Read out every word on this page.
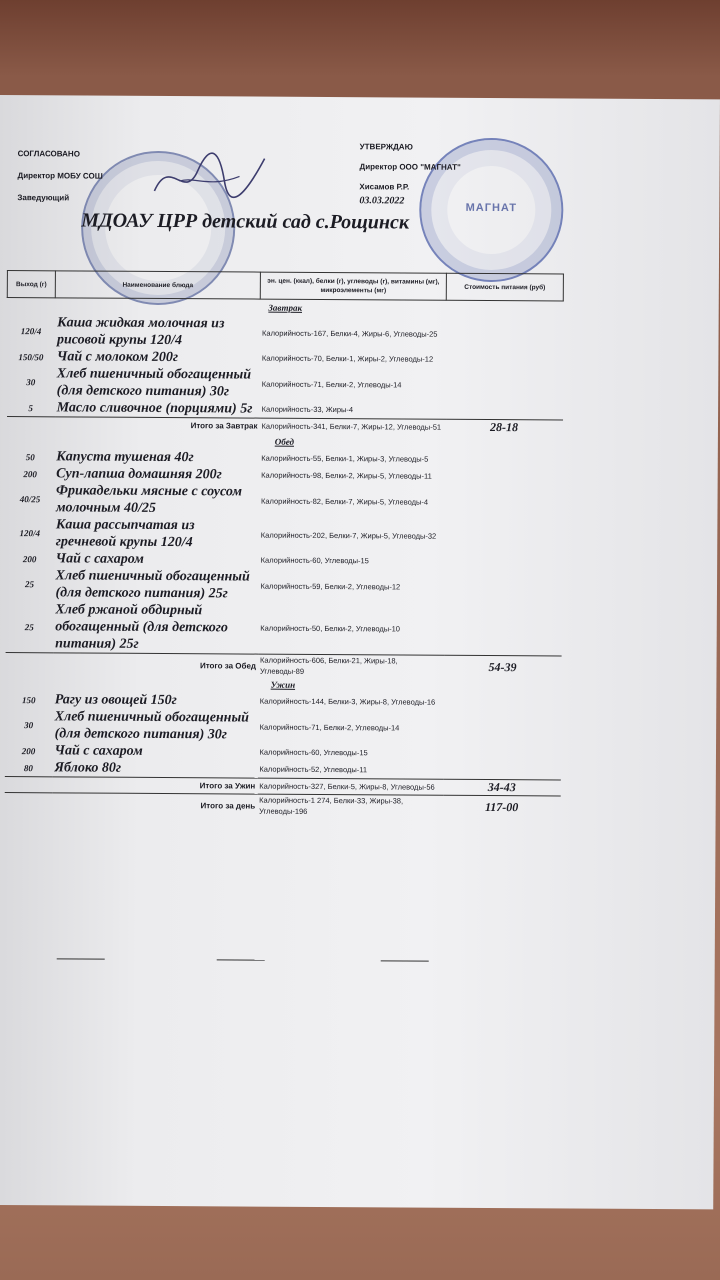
МАГНАТ
СОГЛАСОВАНО
Директор МОБУ СОШ
Заведующий
УТВЕРЖДАЮ
Директор ООО "МАГНАТ"
Хисамов Р.Р.
03.03.2022
МДОАУ ЦРР детский сад с.Рощинск
Выход (г)	Наименование блюда	эн. цен. (ккал), белки (г), углеводы (г), витамины (мг), микроэлементы (мг)	Стоимость питания (руб)
Завтрак			
120/4	Каша жидкая молочная из рисовой крупы 120/4	Калорийность-167, Белки-4, Жиры-6, Углеводы-25	
150/50	Чай с молоком 200г	Калорийность-70, Белки-1, Жиры-2, Углеводы-12	
30	Хлеб пшеничный обогащенный (для детского питания) 30г	Калорийность-71, Белки-2, Углеводы-14	
5	Масло сливочное (порциями) 5г	Калорийность-33, Жиры-4	
Итого за Завтрак		Калорийность-341, Белки-7, Жиры-12, Углеводы-51	28-18
Обед			
50	Капуста тушеная 40г	Калорийность-55, Белки-1, Жиры-3, Углеводы-5	
200	Суп-лапша домашняя 200г	Калорийность-98, Белки-2, Жиры-5, Углеводы-11	
40/25	Фрикадельки мясные с соусом молочным 40/25	Калорийность-82, Белки-7, Жиры-5, Углеводы-4	
120/4	Каша рассыпчатая из гречневой крупы 120/4	Калорийность-202, Белки-7, Жиры-5, Углеводы-32	
200	Чай с сахаром	Калорийность-60, Углеводы-15	
25	Хлеб пшеничный обогащенный (для детского питания) 25г	Калорийность-59, Белки-2, Углеводы-12	
25	Хлеб ржаной обдирный обогащенный (для детского питания) 25г	Калорийность-50, Белки-2, Углеводы-10	
Итого за Обед		Калорийность-606, Белки-21, Жиры-18, Углеводы-89	54-39
Ужин			
150	Рагу из овощей 150г	Калорийность-144, Белки-3, Жиры-8, Углеводы-16	
30	Хлеб пшеничный обогащенный (для детского питания) 30г	Калорийность-71, Белки-2, Углеводы-14	
200	Чай с сахаром	Калорийность-60, Углеводы-15	
80	Яблоко 80г	Калорийность-52, Углеводы-11	
Итого за Ужин		Калорийность-327, Белки-5, Жиры-8, Углеводы-56	34-43
Итого за день		Калорийность-1 274, Белки-33, Жиры-38, Углеводы-196	117-00
